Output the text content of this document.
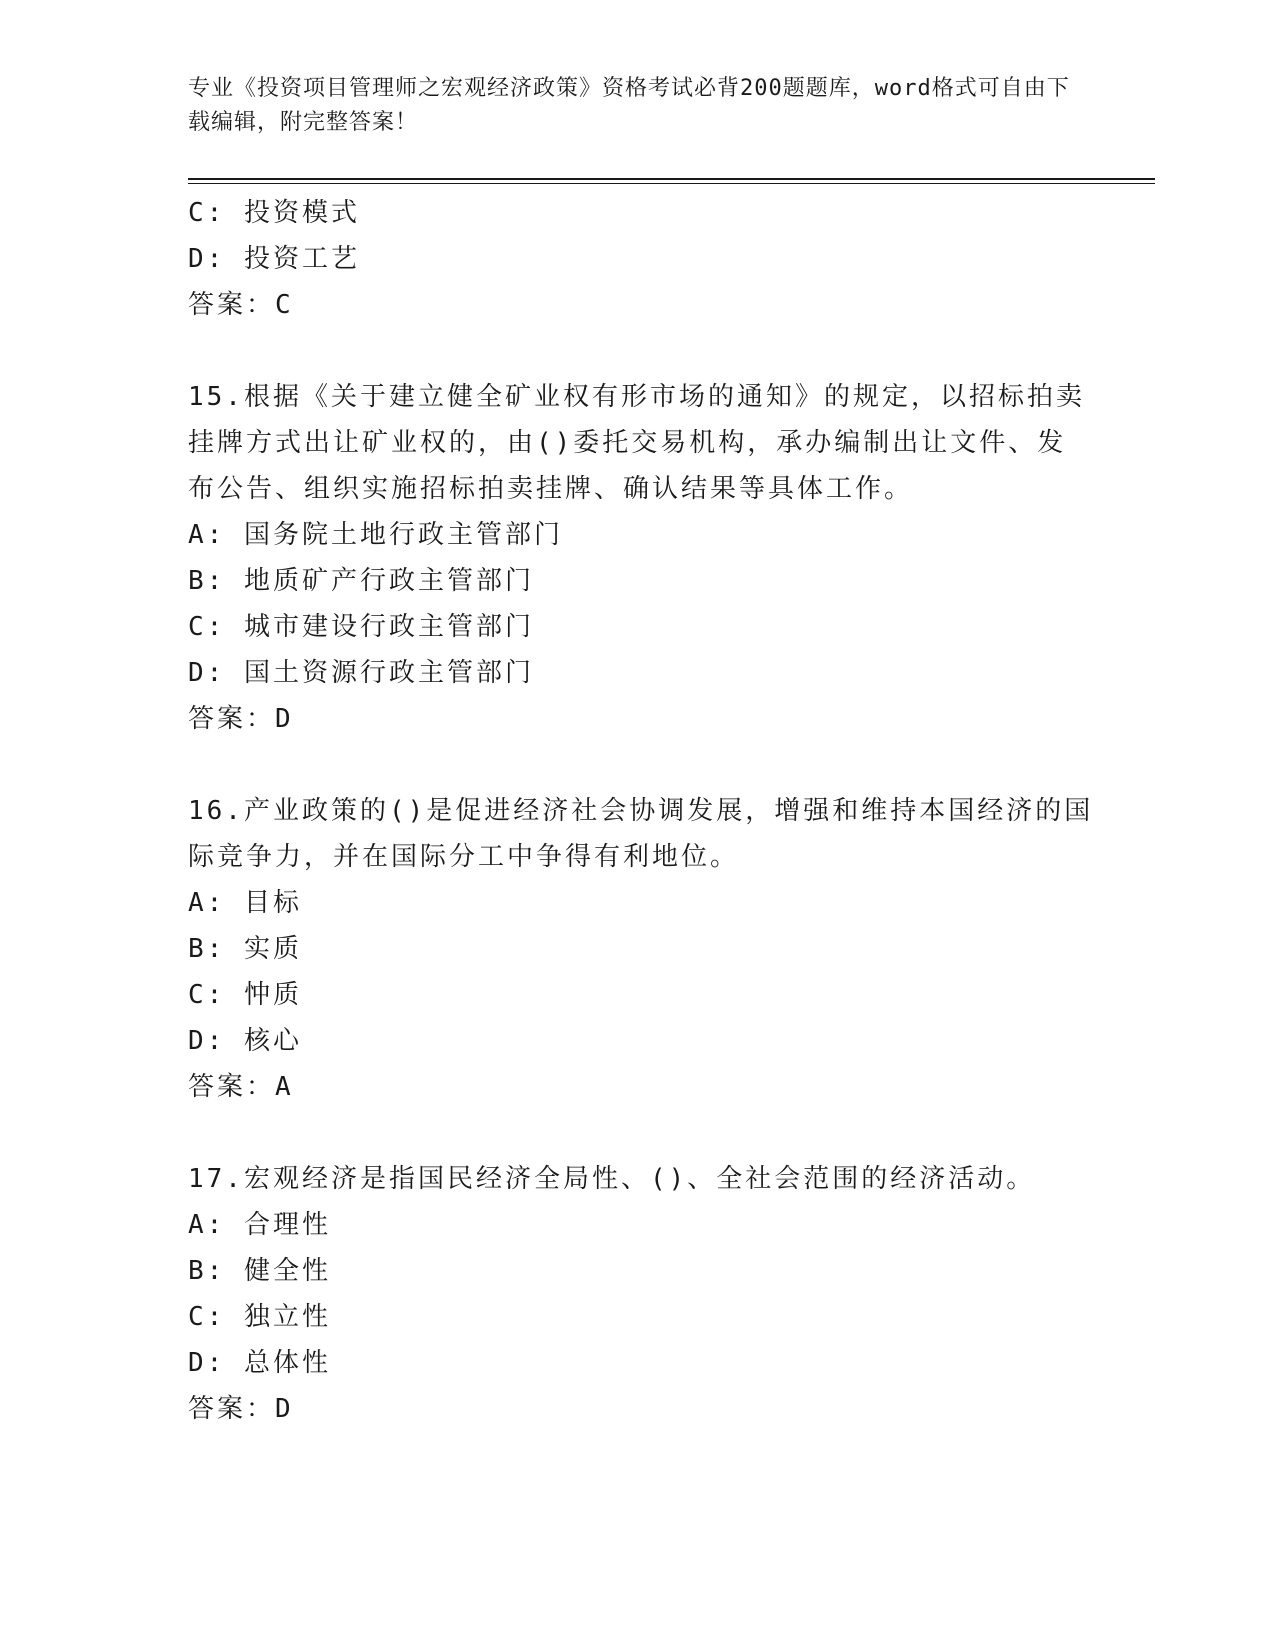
专业《投资项目管理师之宏观经济政策》资格考试必背200题题库，word格式可自由下载编辑，附完整答案！
C: 投资模式
D: 投资工艺
答案：C
15.根据《关于建立健全矿业权有形市场的通知》的规定，以招标拍卖
挂牌方式出让矿业权的，由()委托交易机构，承办编制出让文件、发
布公告、组织实施招标拍卖挂牌、确认结果等具体工作。
A: 国务院土地行政主管部门
B: 地质矿产行政主管部门
C: 城市建设行政主管部门
D: 国土资源行政主管部门
答案：D
16.产业政策的()是促进经济社会协调发展，增强和维持本国经济的国
际竞争力，并在国际分工中争得有利地位。
A: 目标
B: 实质
C: 忡质
D: 核心
答案：A
17.宏观经济是指国民经济全局性、()、全社会范围的经济活动。
A: 合理性
B: 健全性
C: 独立性
D: 总体性
答案：D
